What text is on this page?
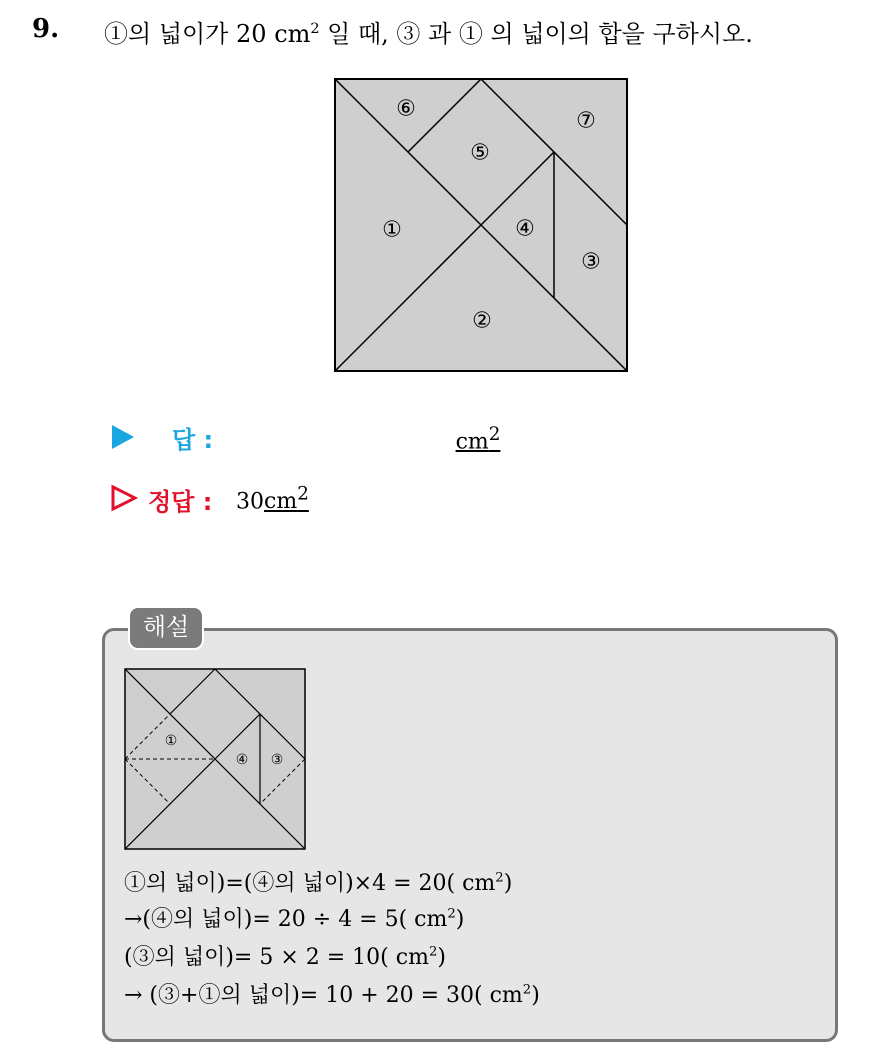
9. ①의 넓이가 20 $cm^2$ 일 때, ③ 과 ① 의 넓이의 합을 구하시오.
①
②
③
④
⑤
⑥	⑦
답 :	$cm^2$
정답 : $30cm^2$
해설
①
④ ③
①의 넓이)=(④의 넓이)×4 = 20( $cm^2$)
→(④의 넓이)= 20 ÷ 4 = 5( $cm^2$)
(③의 넓이)= 5 × 2 = 10( $cm^2$)
→ (③+①의 넓이)= 10 + 20 = 30( $cm^2$)
